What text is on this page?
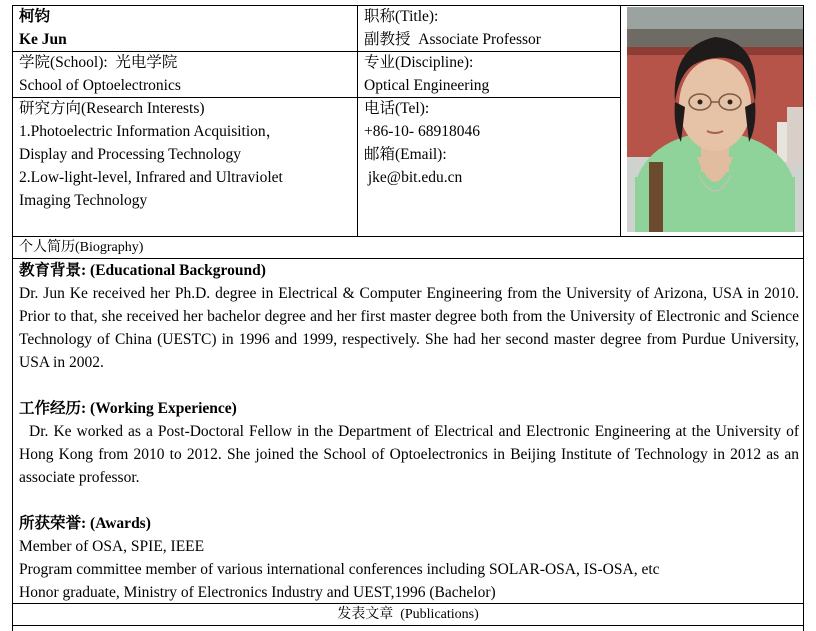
柯钧
Ke Jun
职称(Title):
副教授  Associate Professor
学院(School):  光电学院
School of Optoelectronics
专业(Discipline):
Optical Engineering
研究方向(Research Interests)
1.Photoelectric Information Acquisition，
Display and Processing Technology
2.Low-light-level, Infrared and Ultraviolet
Imaging Technology
电话(Tel):
+86-10- 68918046
邮箱(Email):
jke@bit.edu.cn
个人简历(Biography)
教育背景: (Educational Background)
Dr. Jun Ke received her Ph.D. degree in Electrical & Computer Engineering from the University of Arizona, USA in 2010. Prior to that, she received her bachelor degree and her first master degree both from the University of Electronic and Science Technology of China (UESTC) in 1996 and 1999, respectively. She had her second master degree from Purdue University, USA in 2002.
工作经历: (Working Experience)
Dr. Ke worked as a Post-Doctoral Fellow in the Department of Electrical and Electronic Engineering at the University of Hong Kong from 2010 to 2012. She joined the School of Optoelectronics in Beijing Institute of Technology in 2012 as an associate professor.
所获荣誉: (Awards)
Member of OSA, SPIE, IEEE
Program committee member of various international conferences including SOLAR-OSA, IS-OSA, etc
Honor graduate, Ministry of Electronics Industry and UEST,1996 (Bachelor)
发表文章  (Publications)
